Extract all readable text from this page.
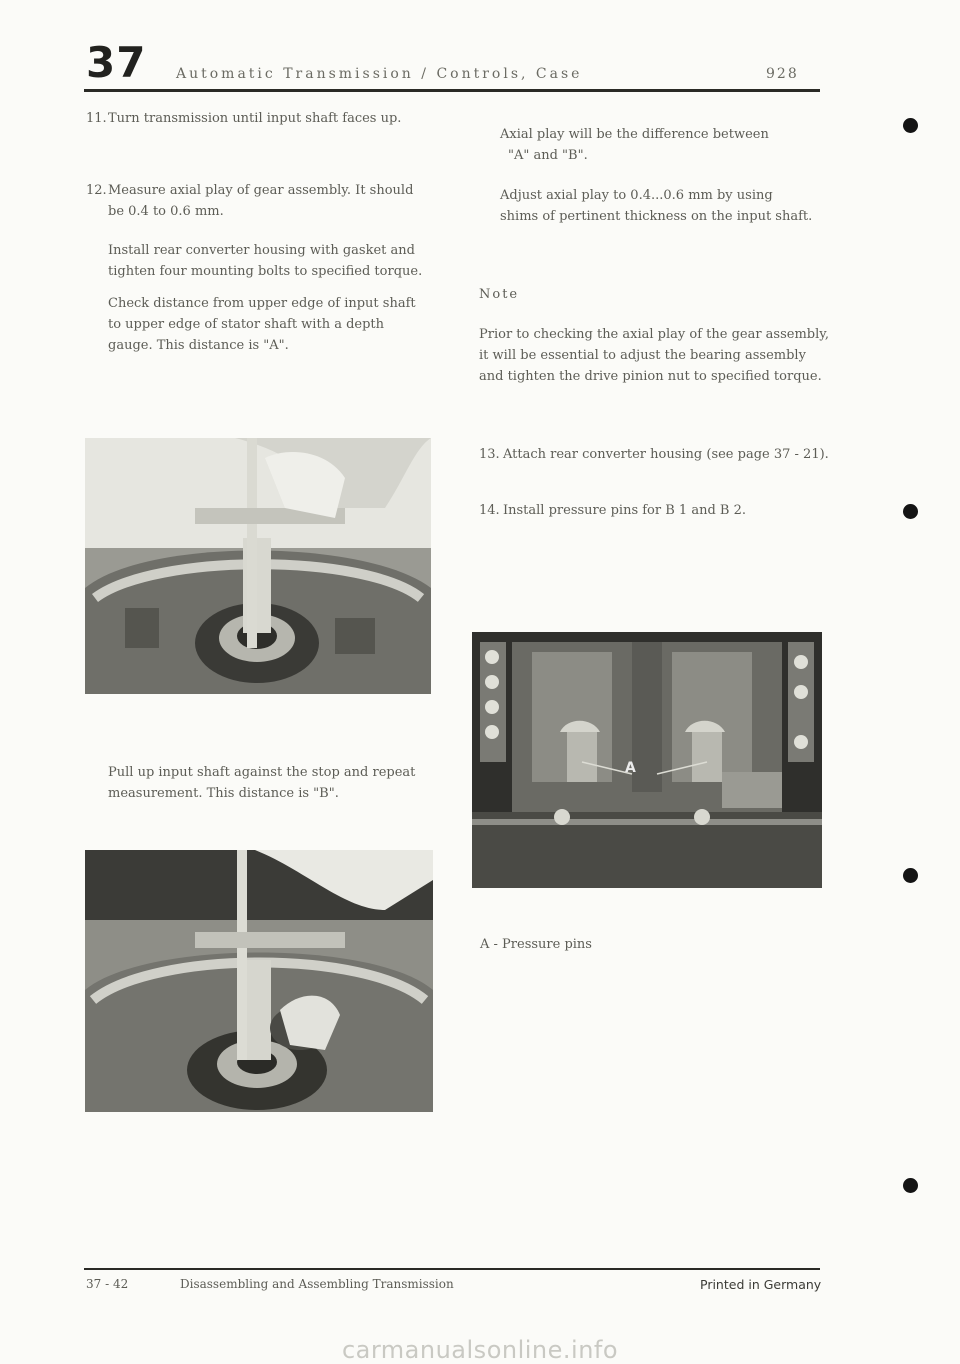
37 Automatic Transmission / Controls, Case	928
11. Turn transmission until input shaft faces up.
12. Measure axial play of gear assembly. It should
be 0.4 to 0.6 mm.
Install rear converter housing with gasket and
tighten four mounting bolts to specified torque.
Check distance from upper edge of input shaft
to upper edge of stator shaft with a depth
gauge. This distance is "A".
Pull up input shaft against the stop and repeat
measurement. This distance is "B".
Axial play will be the difference between
"A" and "B".
Adjust axial play to 0.4...0.6 mm by using
shims of pertinent thickness on the input shaft.
Note
Prior to checking the axial play of the gear assembly,
it will be essential to adjust the bearing assembly
and tighten the drive pinion nut to specified torque.
13. Attach rear converter housing (see page 37 - 21).
14. Install pressure pins for B 1 and B 2.
A
A - Pressure pins
37 - 42	Disassembling and Assembling Transmission	Printed in Germany
carmanualsonline.info
